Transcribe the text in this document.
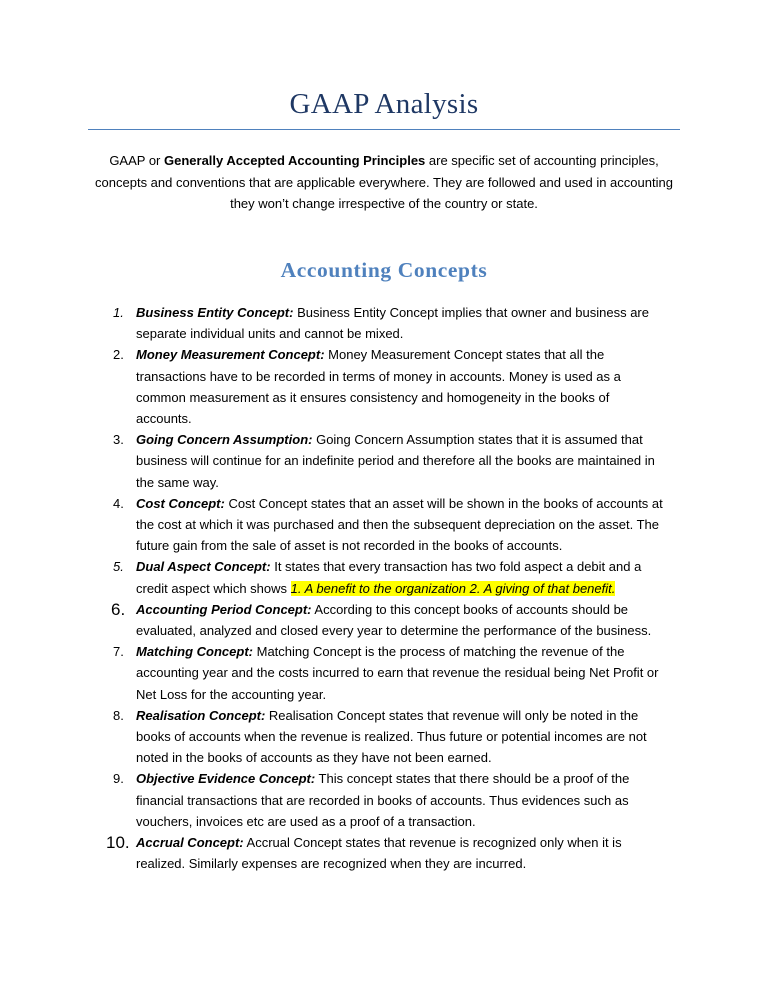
GAAP Analysis
GAAP or Generally Accepted Accounting Principles are specific set of accounting principles, concepts and conventions that are applicable everywhere. They are followed and used in accounting they won’t change irrespective of the country or state.
Accounting Concepts
1. Business Entity Concept: Business Entity Concept implies that owner and business are separate individual units and cannot be mixed.
2. Money Measurement Concept: Money Measurement Concept states that all the transactions have to be recorded in terms of money in accounts. Money is used as a common measurement as it ensures consistency and homogeneity in the books of accounts.
3. Going Concern Assumption: Going Concern Assumption states that it is assumed that business will continue for an indefinite period and therefore all the books are maintained in the same way.
4. Cost Concept: Cost Concept states that an asset will be shown in the books of accounts at the cost at which it was purchased and then the subsequent depreciation on the asset. The future gain from the sale of asset is not recorded in the books of accounts.
5. Dual Aspect Concept: It states that every transaction has two fold aspect a debit and a credit aspect which shows 1. A benefit to the organization 2. A giving of that benefit.
6. Accounting Period Concept: According to this concept books of accounts should be evaluated, analyzed and closed every year to determine the performance of the business.
7. Matching Concept: Matching Concept is the process of matching the revenue of the accounting year and the costs incurred to earn that revenue the residual being Net Profit or Net Loss for the accounting year.
8. Realisation Concept: Realisation Concept states that revenue will only be noted in the books of accounts when the revenue is realized. Thus future or potential incomes are not noted in the books of accounts as they have not been earned.
9. Objective Evidence Concept: This concept states that there should be a proof of the financial transactions that are recorded in books of accounts. Thus evidences such as vouchers, invoices etc are used as a proof of a transaction.
10. Accrual Concept: Accrual Concept states that revenue is recognized only when it is realized. Similarly expenses are recognized when they are incurred.
